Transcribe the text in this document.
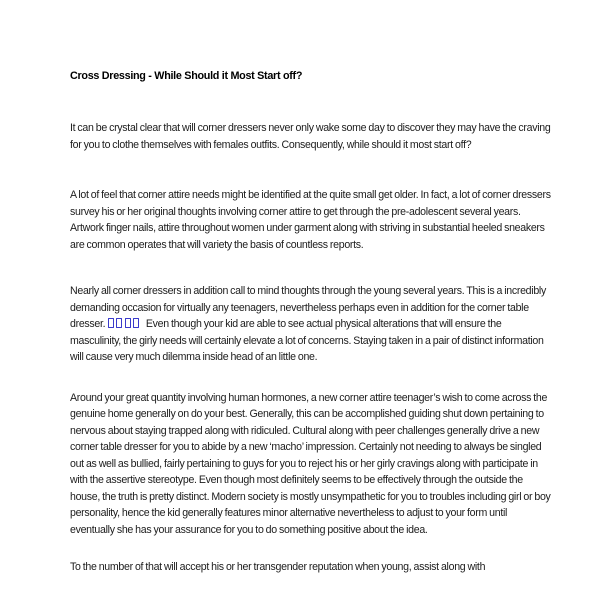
Cross Dressing - While Should it Most Start off?

It can be crystal clear that will corner dressers never only wake some day to discover they may have the craving for you to clothe themselves with females outfits. Consequently, while should it most start off?

A lot of feel that corner attire needs might be identified at the quite small get older. In fact, a lot of corner dressers survey his or her original thoughts involving corner attire to get through the pre-adolescent several years. Artwork finger nails, attire throughout women under garment along with striving in substantial heeled sneakers are common operates that will variety the basis of countless reports.

Nearly all corner dressers in addition call to mind thoughts through the young several years. This is a incredibly demanding occasion for virtually any teenagers, nevertheless perhaps even in addition for the corner table dresser.	Even though your kid are able to see actual physical alterations that will ensure the masculinity, the girly needs will certainly elevate a lot of concerns. Staying taken in a pair of distinct information will cause very much dilemma inside head of an little one.

Around your great quantity involving human hormones, a new corner attire teenager’s wish to come across the genuine home generally on do your best. Generally, this can be accomplished guiding shut down pertaining to nervous about staying trapped along with ridiculed. Cultural along with peer challenges generally drive a new corner table dresser for you to abide by a new ‘macho’ impression. Certainly not needing to always be singled out as well as bullied, fairly pertaining to guys for you to reject his or her girly cravings along with participate in with the assertive stereotype. Even though most definitely seems to be effectively through the outside the house, the truth is pretty distinct. Modern society is mostly unsympathetic for you to troubles including girl or boy personality, hence the kid generally features minor alternative nevertheless to adjust to your form until eventually she has your assurance for you to do something positive about the idea.

To the number of that will accept his or her transgender reputation when young, assist along with
